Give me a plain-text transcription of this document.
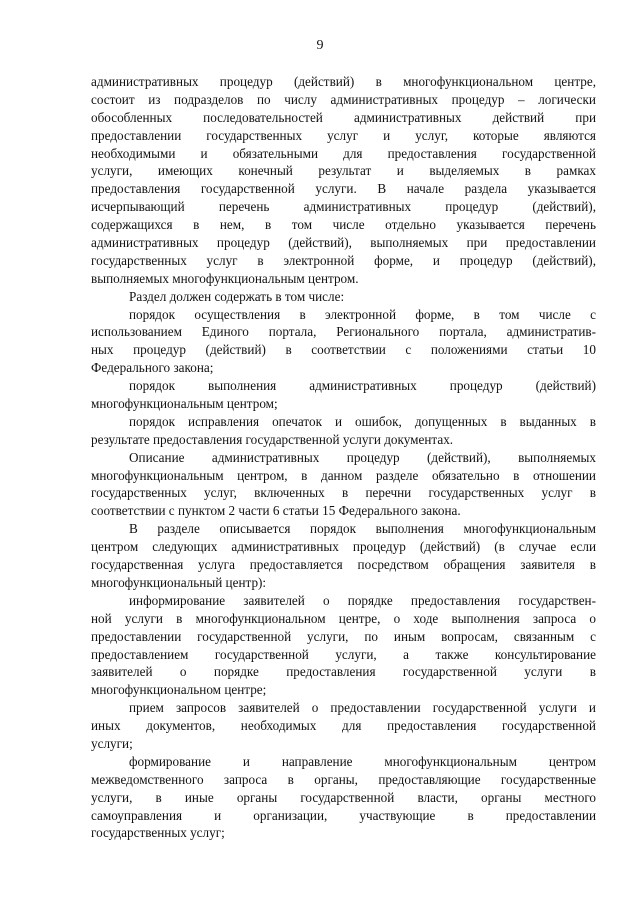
9
административных процедур (действий) в многофункциональном центре,
состоит из подразделов по числу административных процедур – логически
обособленных последовательностей административных действий при
предоставлении государственных услуг и услуг, которые являются
необходимыми и обязательными для предоставления государственной
услуги, имеющих конечный результат и выделяемых в рамках
предоставления государственной услуги. В начале раздела указывается
исчерпывающий перечень административных процедур (действий),
содержащихся в нем, в том числе отдельно указывается перечень
административных процедур (действий), выполняемых при предоставлении
государственных услуг в электронной форме, и процедур (действий),
выполняемых многофункциональным центром.
Раздел должен содержать в том числе:
порядок осуществления в электронной форме, в том числе с
использованием Единого портала, Регионального портала, административ-
ных процедур (действий) в соответствии с положениями статьи 10
Федерального закона;
порядок выполнения административных процедур (действий)
многофункциональным центром;
порядок исправления опечаток и ошибок, допущенных в выданных в
результате предоставления государственной услуги документах.
Описание административных процедур (действий), выполняемых
многофункциональным центром, в данном разделе обязательно в отношении
государственных услуг, включенных в перечни государственных услуг в
соответствии с пунктом 2 части 6 статьи 15 Федерального закона.
В разделе описывается порядок выполнения многофункциональным
центром следующих административных процедур (действий) (в случае если
государственная услуга предоставляется посредством обращения заявителя в
многофункциональный центр):
информирование заявителей о порядке предоставления государствен-
ной услуги в многофункциональном центре, о ходе выполнения запроса о
предоставлении государственной услуги, по иным вопросам, связанным с
предоставлением государственной услуги, а также консультирование
заявителей о порядке предоставления государственной услуги в
многофункциональном центре;
прием запросов заявителей о предоставлении государственной услуги и
иных документов, необходимых для предоставления государственной
услуги;
формирование и направление многофункциональным центром
межведомственного запроса в органы, предоставляющие государственные
услуги, в иные органы государственной власти, органы местного
самоуправления и организации, участвующие в предоставлении
государственных услуг;
